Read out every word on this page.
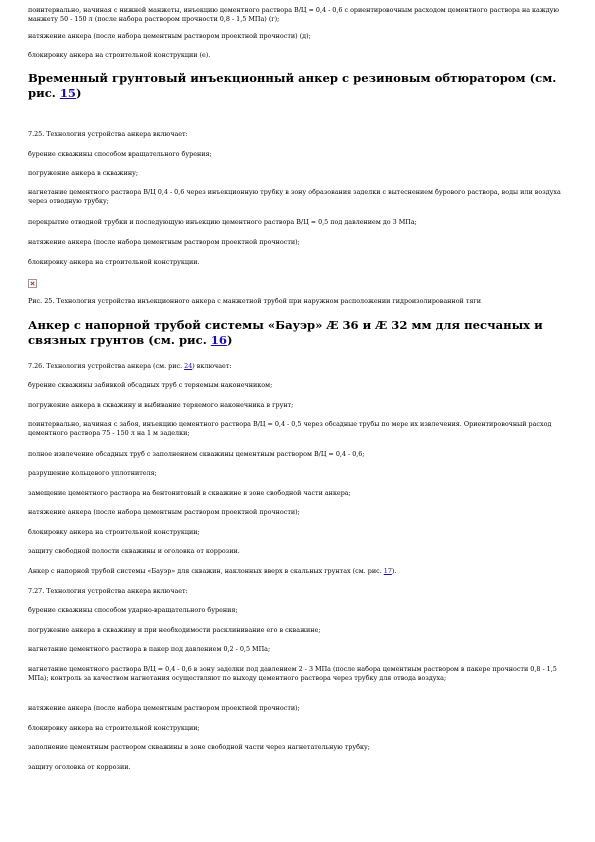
поинтервально, начиная с нижней манжеты, инъекцию цементного раствора В/Ц = 0,4 - 0,6 с ориентировочным расходом цементного раствора на каждую манжету 50 - 150 л (после набора раствором прочности 0,8 - 1,5 МПа) (г);

натяжение анкера (после набора цементным раствором проектной прочности) (д);

блокировку анкера на строительной конструкции (е).

Временный грунтовый инъекционный анкер с резиновым обтюратором (см. рис. 15)

7.25. Технология устройства анкера включает:

бурение скважины способом вращательного бурения;

погружение анкера в скважину;

нагнетание цементного раствора В/Ц 0,4 - 0,6 через инъекционную трубку в зону образования заделки с вытеснением бурового раствора, воды или воздуха через отводную трубку;

перекрытие отводной трубки и последующую инъекцию цементного раствора В/Ц = 0,5 под давлением до 3 МПа;

натяжение анкера (после набора цементным раствором проектной прочности);

блокировку анкера на строительной конструкции.

Рис. 25. Технология устройства инъекционного анкера с манжетной трубой при наружном расположении гидроизолированной тяги

Анкер с напорной трубой системы «Бауэр» Æ 36 и Æ 32 мм для песчаных и связных грунтов (см. рис. 16)

7.26. Технология устройства анкера (см. рис. 24) включает:

бурение скважины забивкой обсадных труб с теряемым наконечником;

погружение анкера в скважину и выбивание теряемого наконечника в грунт;

поинтервально, начиная с забоя, инъекцию цементного раствора В/Ц = 0,4 - 0,5 через обсадные трубы по мере их извлечения. Ориентировочный расход цементного раствора 75 - 150 л на 1 м заделки;

полное извлечение обсадных труб с заполнением скважины цементным раствором В/Ц = 0,4 - 0,6;

разрушение кольцевого уплотнителя;

замещение цементного раствора на бентонитовый в скважине в зоне свободной части анкера;

натяжение анкера (после набора цементным раствором проектной прочности);

блокировку анкера на строительной конструкции;

защиту свободной полости скважины и оголовка от коррозии.

Анкер с напорной трубой системы «Бауэр» для скважин, наклонных вверх в скальных грунтах (см. рис. 17).

7.27. Технология устройства анкера включает:

бурение скважины способом ударно-вращательного бурения;

погружение анкера в скважину и при необходимости расклинивание его в скважине;

нагнетание цементного раствора в пакер под давлением 0,2 - 0,5 МПа;

нагнетание цементного раствора В/Ц = 0,4 - 0,6 в зону заделки под давлением 2 - 3 МПа (после набора цементным раствором в пакере прочности 0,8 - 1,5 МПа); контроль за качеством нагнетания осуществляют по выходу цементного раствора через трубку для отвода воздуха;

натяжение анкера (после набора цементным раствором проектной прочности);

блокировку анкера на строительной конструкции;

заполнение цементным раствором скважины в зоне свободной части через нагнетательную трубку;

защиту оголовка от коррозии.
